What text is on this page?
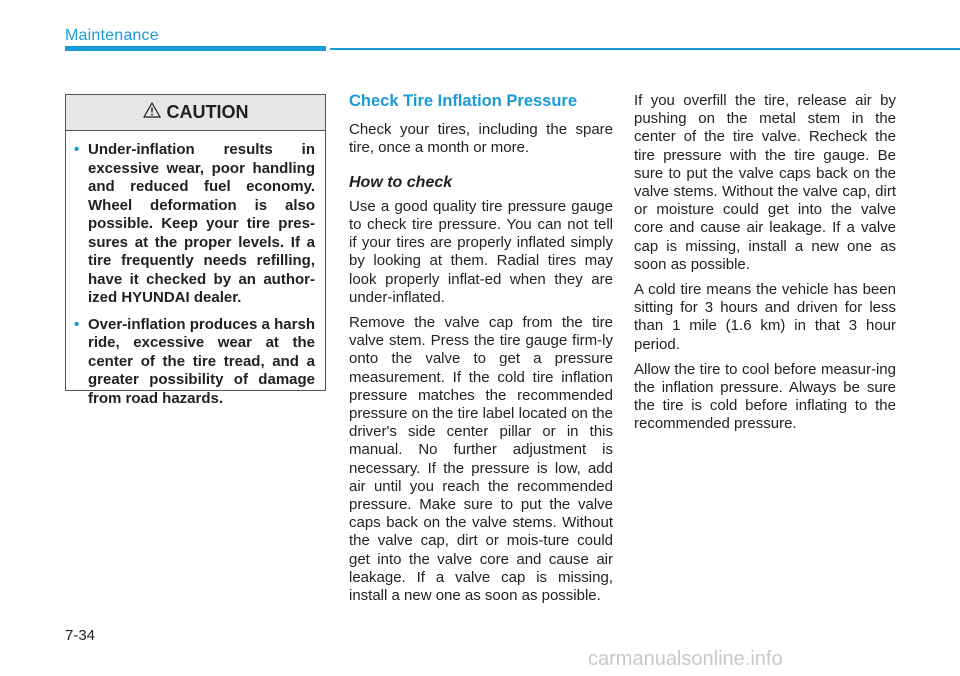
Maintenance
CAUTION
• Under-inflation results in excessive wear, poor handling and reduced fuel economy. Wheel deformation is also possible. Keep your tire pres-sures at the proper levels. If a tire frequently needs refilling, have it checked by an author-ized HYUNDAI dealer.
• Over-inflation produces a harsh ride, excessive wear at the center of the tire tread, and a greater possibility of damage from road hazards.
Check Tire Inflation Pressure

Check your tires, including the spare tire, once a month or more.

How to check

Use a good quality tire pressure gauge to check tire pressure. You can not tell if your tires are properly inflated simply by looking at them. Radial tires may look properly inflat-ed when they are under-inflated.

Remove the valve cap from the tire valve stem. Press the tire gauge firm-ly onto the valve to get a pressure measurement. If the cold tire inflation pressure matches the recommended pressure on the tire label located on the driver's side center pillar or in this manual. No further adjustment is necessary. If the pressure is low, add air until you reach the recommended pressure. Make sure to put the valve caps back on the valve stems. Without the valve cap, dirt or mois-ture could get into the valve core and cause air leakage. If a valve cap is missing, install a new one as soon as possible.

If you overfill the tire, release air by pushing on the metal stem in the center of the tire valve. Recheck the tire pressure with the tire gauge. Be sure to put the valve caps back on the valve stems. Without the valve cap, dirt or moisture could get into the valve core and cause air leakage. If a valve cap is missing, install a new one as soon as possible.

A cold tire means the vehicle has been sitting for 3 hours and driven for less than 1 mile (1.6 km) in that 3 hour period.

Allow the tire to cool before measur-ing the inflation pressure. Always be sure the tire is cold before inflating to the recommended pressure.

7-34
carmanualsonline.info
